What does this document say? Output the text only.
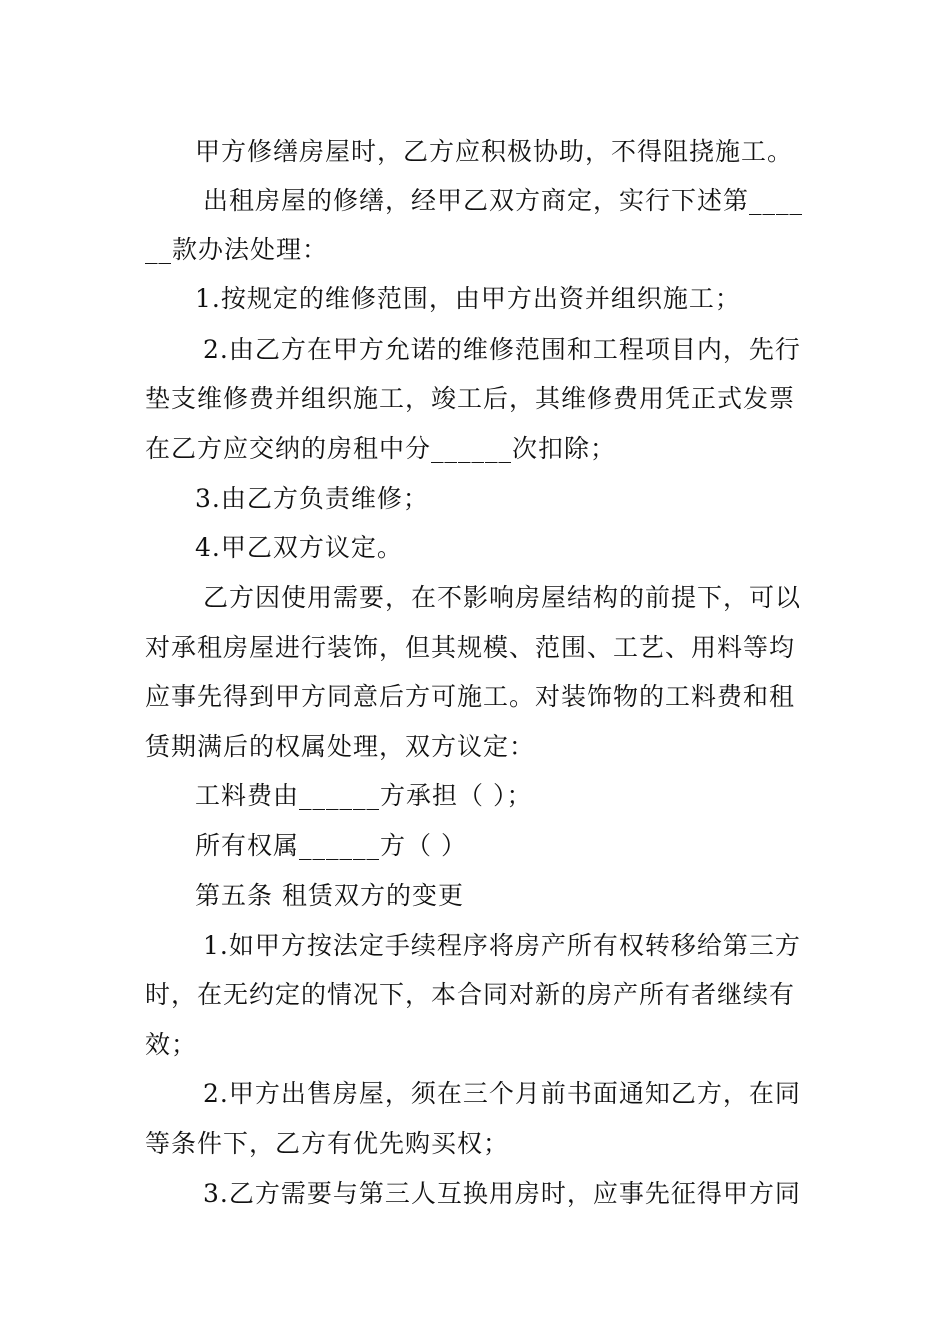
甲方修缮房屋时，乙方应积极协助，不得阻挠施工。
出租房屋的修缮，经甲乙双方商定，实行下述第____
__款办法处理：
1.按规定的维修范围，由甲方出资并组织施工；
2.由乙方在甲方允诺的维修范围和工程项目内，先行
垫支维修费并组织施工，竣工后，其维修费用凭正式发票
在乙方应交纳的房租中分______次扣除；
3.由乙方负责维修；
4.甲乙双方议定。
乙方因使用需要，在不影响房屋结构的前提下，可以
对承租房屋进行装饰，但其规模、范围、工艺、用料等均
应事先得到甲方同意后方可施工。对装饰物的工料费和租
赁期满后的权属处理，双方议定：
工料费由______方承担（ ）；
所有权属______方（ ）
第五条 租赁双方的变更
1.如甲方按法定手续程序将房产所有权转移给第三方
时，在无约定的情况下，本合同对新的房产所有者继续有
效；
2.甲方出售房屋，须在三个月前书面通知乙方，在同
等条件下，乙方有优先购买权；
3.乙方需要与第三人互换用房时，应事先征得甲方同
